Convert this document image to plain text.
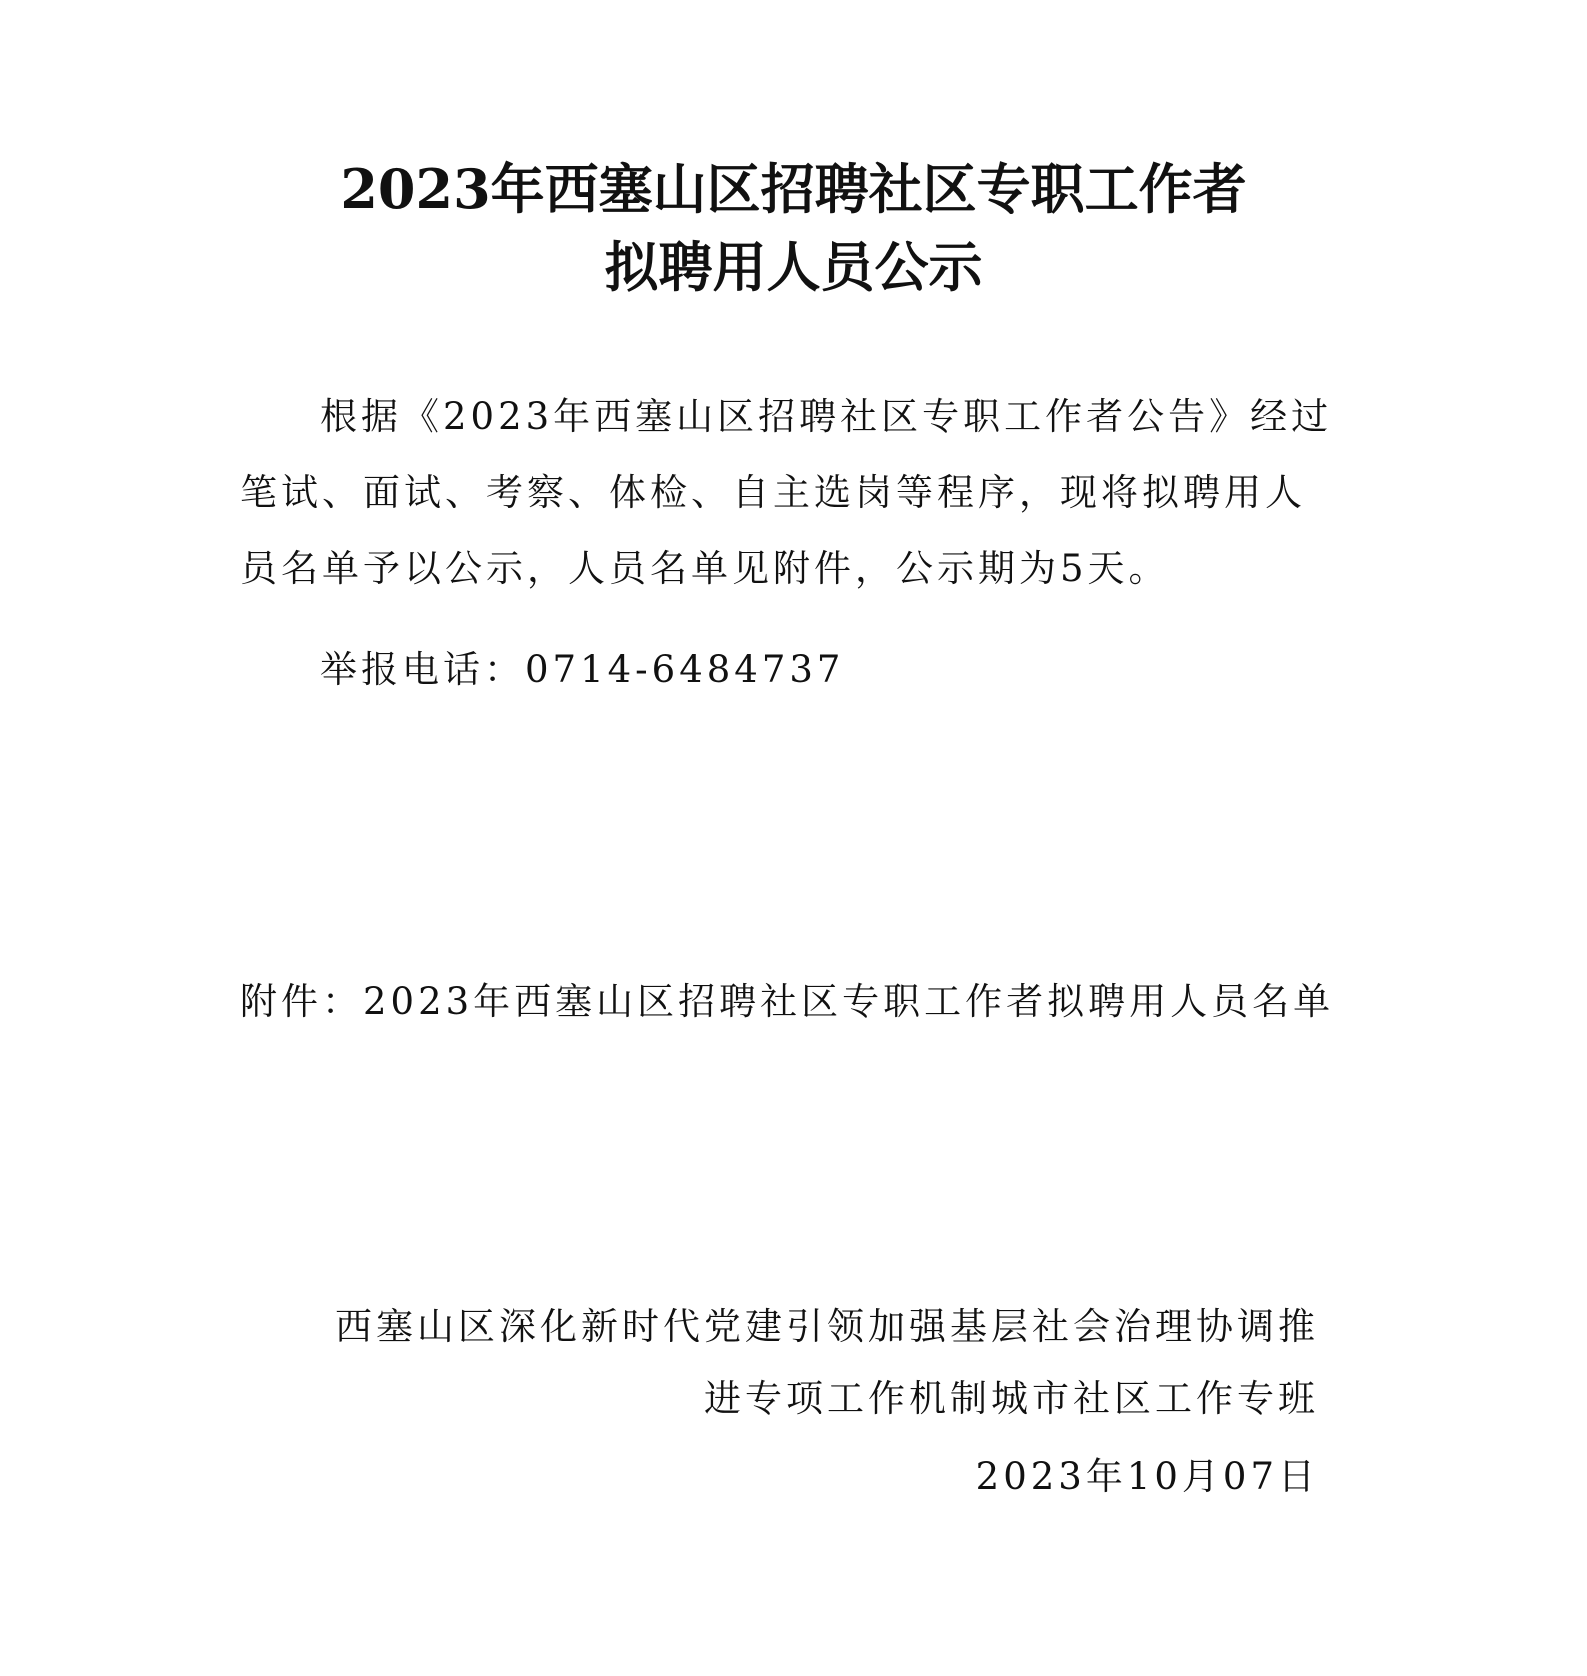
2023年西塞山区招聘社区专职工作者
拟聘用人员公示
根据《2023年西塞山区招聘社区专职工作者公告》经过
笔试、面试、考察、体检、自主选岗等程序，现将拟聘用人
员名单予以公示，人员名单见附件，公示期为5天。
举报电话：0714-6484737
附件：2023年西塞山区招聘社区专职工作者拟聘用人员名单
西塞山区深化新时代党建引领加强基层社会治理协调推
进专项工作机制城市社区工作专班
2023年10月07日
